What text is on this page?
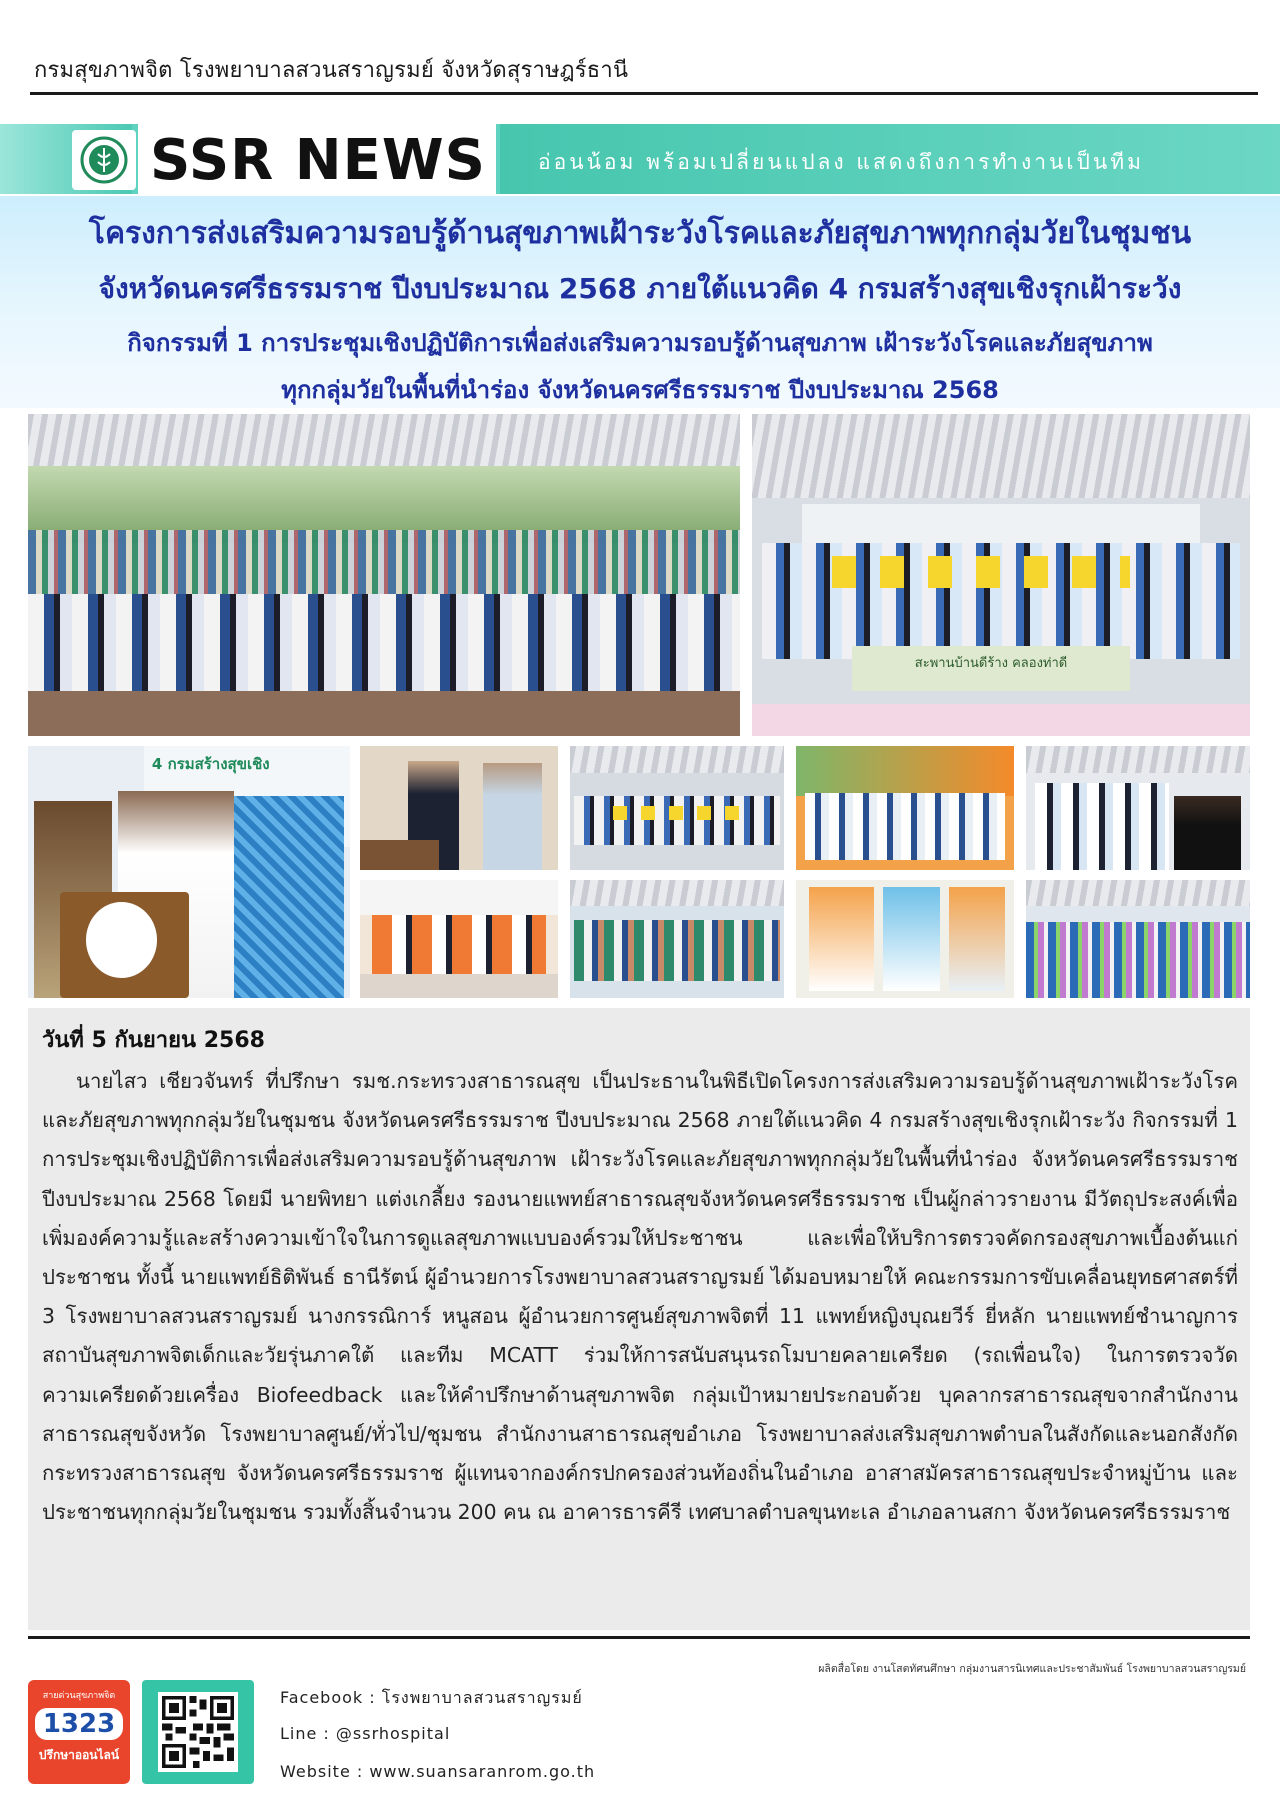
กรมสุขภาพจิต โรงพยาบาลสวนสราญรมย์ จังหวัดสุราษฎร์ธานี
SSR NEWS อ่อนน้อม พร้อมเปลี่ยนแปลง แสดงถึงการทำงานเป็นทีม
โครงการส่งเสริมความรอบรู้ด้านสุขภาพเฝ้าระวังโรคและภัยสุขภาพทุกกลุ่มวัยในชุมชน
จังหวัดนครศรีธรรมราช ปีงบประมาณ 2568 ภายใต้แนวคิด 4 กรมสร้างสุขเชิงรุกเฝ้าระวัง
กิจกรรมที่ 1 การประชุมเชิงปฏิบัติการเพื่อส่งเสริมความรอบรู้ด้านสุขภาพ เฝ้าระวังโรคและภัยสุขภาพ
ทุกกลุ่มวัยในพื้นที่นำร่อง จังหวัดนครศรีธรรมราช ปีงบประมาณ 2568
สะพานบ้านดีร้าง คลองท่าดี
4 กรมสร้างสุขเชิง
วันที่ 5 กันยายน 2568

นายไสว เชียวจันทร์ ที่ปรึกษา รมช.กระทรวงสาธารณสุข เป็นประธานในพิธีเปิดโครงการส่งเสริมความรอบรู้ด้านสุขภาพเฝ้าระวังโรคและภัยสุขภาพทุกกลุ่มวัยในชุมชน จังหวัดนครศรีธรรมราช ปีงบประมาณ 2568 ภายใต้แนวคิด 4 กรมสร้างสุขเชิงรุกเฝ้าระวัง กิจกรรมที่ 1 การประชุมเชิงปฏิบัติการเพื่อส่งเสริมความรอบรู้ด้านสุขภาพ เฝ้าระวังโรคและภัยสุขภาพทุกกลุ่มวัยในพื้นที่นำร่อง จังหวัดนครศรีธรรมราช ปีงบประมาณ 2568 โดยมี นายพิทยา แต่งเกลี้ยง รองนายแพทย์สาธารณสุขจังหวัดนครศรีธรรมราช เป็นผู้กล่าวรายงาน มีวัตถุประสงค์เพื่อเพิ่มองค์ความรู้และสร้างความเข้าใจในการดูแลสุขภาพแบบองค์รวมให้ประชาชน และเพื่อให้บริการตรวจคัดกรองสุขภาพเบื้องต้นแก่ประชาชน ทั้งนี้ นายแพทย์ธิติพันธ์ ธานีรัตน์ ผู้อำนวยการโรงพยาบาลสวนสราญรมย์ ได้มอบหมายให้ คณะกรรมการขับเคลื่อนยุทธศาสตร์ที่ 3 โรงพยาบาลสวนสราญรมย์ นางกรรณิการ์ หนูสอน ผู้อำนวยการศูนย์สุขภาพจิตที่ 11 แพทย์หญิงบุณยวีร์ ยี่หลัก นายแพทย์ชำนาญการ สถาบันสุขภาพจิตเด็กและวัยรุ่นภาคใต้ และทีม MCATT ร่วมให้การสนับสนุนรถโมบายคลายเครียด (รถเพื่อนใจ) ในการตรวจวัดความเครียดด้วยเครื่อง Biofeedback และให้คำปรึกษาด้านสุขภาพจิต กลุ่มเป้าหมายประกอบด้วย บุคลากรสาธารณสุขจากสำนักงานสาธารณสุขจังหวัด โรงพยาบาลศูนย์/ทั่วไป/ชุมชน สำนักงานสาธารณสุขอำเภอ โรงพยาบาลส่งเสริมสุขภาพตำบลในสังกัดและนอกสังกัดกระทรวงสาธารณสุข จังหวัดนครศรีธรรมราช ผู้แทนจากองค์กรปกครองส่วนท้องถิ่นในอำเภอ อาสาสมัครสาธารณสุขประจำหมู่บ้าน และประชาชนทุกกลุ่มวัยในชุมชน รวมทั้งสิ้นจำนวน 200 คน ณ อาคารธารคีรี เทศบาลตำบลขุนทะเล อำเภอลานสกา จังหวัดนครศรีธรรมราช

ผลิตสื่อโดย งานโสตทัศนศึกษา กลุ่มงานสารนิเทศและประชาสัมพันธ์ โรงพยาบาลสวนสราญรมย์
สายด่วนสุขภาพจิต
1323
ปรึกษาออนไลน์
Facebook : โรงพยาบาลสวนสราญรมย์
Line : @ssrhospital
Website : www.suansaranrom.go.th
